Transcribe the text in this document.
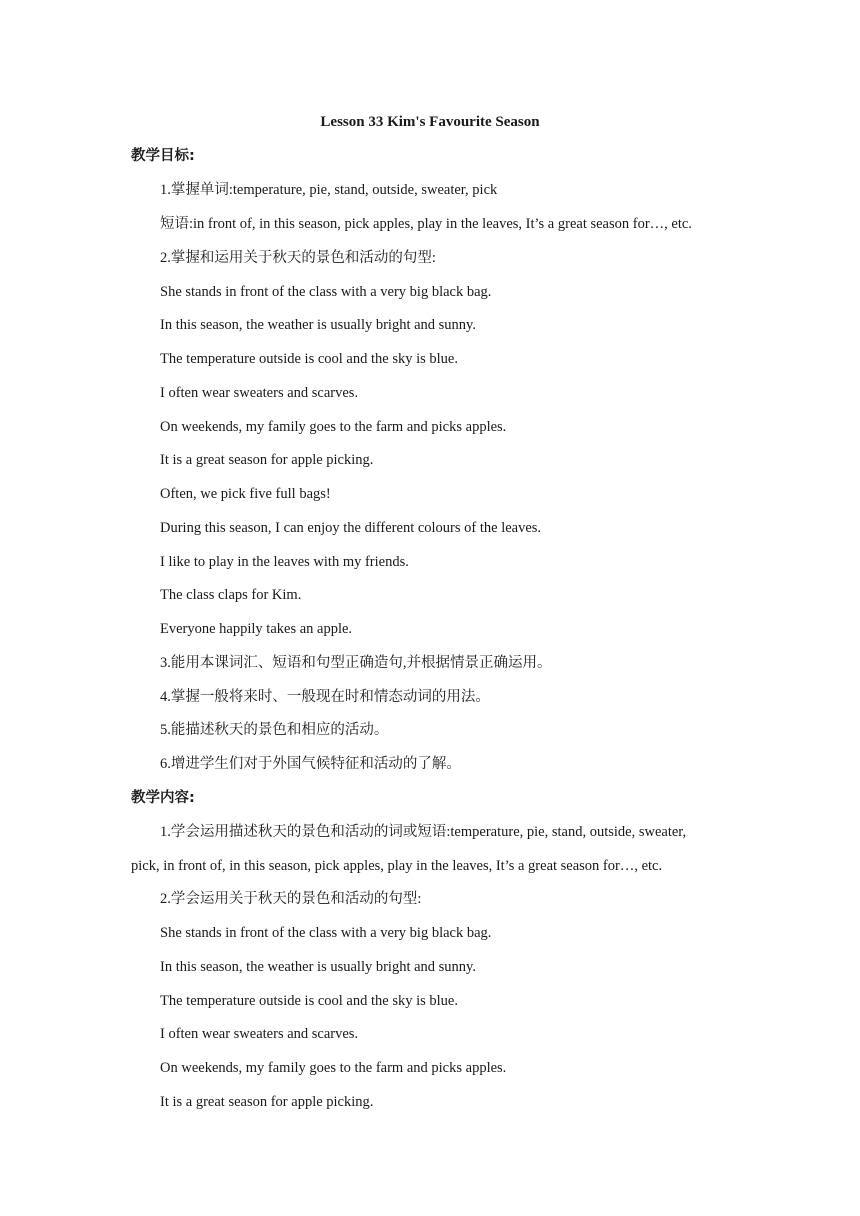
Lesson 33 Kim's Favourite Season
教学目标:
1.掌握单词:temperature, pie, stand, outside, sweater, pick
短语:in front of, in this season, pick apples, play in the leaves, It’s a great season for…, etc.
2.掌握和运用关于秋天的景色和活动的句型:
She stands in front of the class with a very big black bag.
In this season, the weather is usually bright and sunny.
The temperature outside is cool and the sky is blue.
I often wear sweaters and scarves.
On weekends, my family goes to the farm and picks apples.
It is a great season for apple picking.
Often, we pick five full bags!
During this season, I can enjoy the different colours of the leaves.
I like to play in the leaves with my friends.
The class claps for Kim.
Everyone happily takes an apple.
3.能用本课词汇、短语和句型正确造句,并根据情景正确运用。
4.掌握一般将来时、一般现在时和情态动词的用法。
5.能描述秋天的景色和相应的活动。
6.增进学生们对于外国气候特征和活动的了解。
教学内容:
1.学会运用描述秋天的景色和活动的词或短语:temperature, pie, stand, outside, sweater,
pick, in front of, in this season, pick apples, play in the leaves, It’s a great season for…, etc.
2.学会运用关于秋天的景色和活动的句型:
She stands in front of the class with a very big black bag.
In this season, the weather is usually bright and sunny.
The temperature outside is cool and the sky is blue.
I often wear sweaters and scarves.
On weekends, my family goes to the farm and picks apples.
It is a great season for apple picking.
